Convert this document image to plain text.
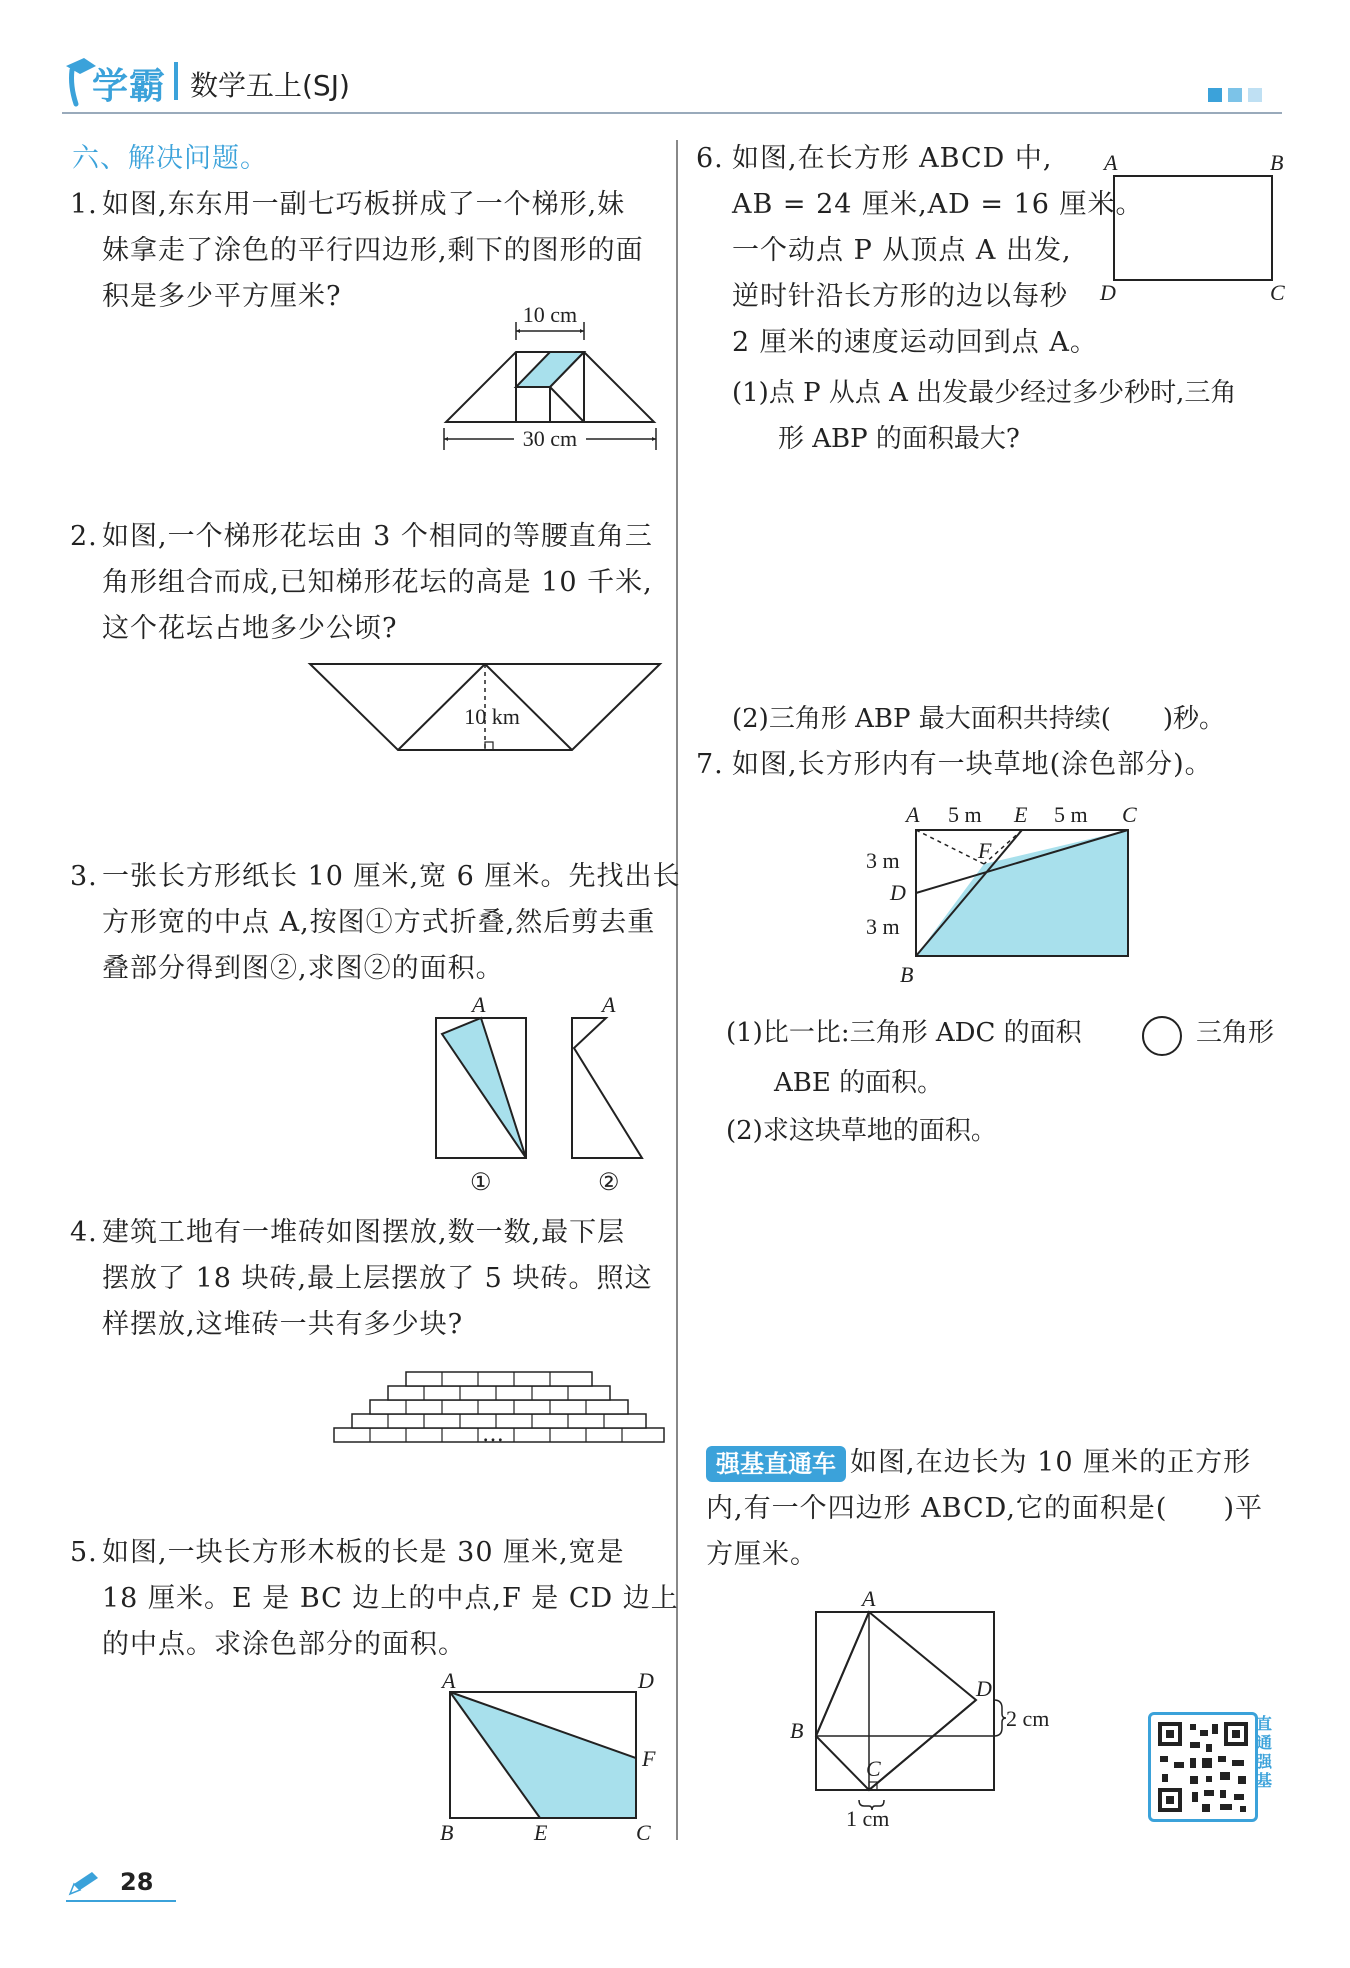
学霸 数学五上(SJ)
六、解决问题。
1. 如图,东东用一副七巧板拼成了一个梯形,妹
妹拿走了涂色的平行四边形,剩下的图形的面
积是多少平方厘米?
10 cm
30 cm
2. 如图,一个梯形花坛由 3 个相同的等腰直角三
角形组合而成,已知梯形花坛的高是 10 千米,
这个花坛占地多少公顷?
10 km
3. 一张长方形纸长 10 厘米,宽 6 厘米。先找出长
方形宽的中点 A,按图①方式折叠,然后剪去重
叠部分得到图②,求图②的面积。
A
①
A
②
4. 建筑工地有一堆砖如图摆放,数一数,最下层
摆放了 18 块砖,最上层摆放了 5 块砖。照这
样摆放,这堆砖一共有多少块?
…
5. 如图,一块长方形木板的长是 30 厘米,宽是
18 厘米。E 是 BC 边上的中点,F 是 CD 边上
的中点。求涂色部分的面积。
A	D
F
B	E	C
6. 如图,在长方形 ABCD 中,
AB = 24 厘米,AD = 16 厘米。
一个动点 P 从顶点 A 出发,
逆时针沿长方形的边以每秒
2 厘米的速度运动回到点 A。
A	B
D	C
(1)点 P 从点 A 出发最少经过多少秒时,三角
形 ABP 的面积最大?
(2)三角形 ABP 最大面积共持续(　　)秒。
7. 如图,长方形内有一块草地(涂色部分)。
A 5 m E 5 m C
F
3 m
D
3 m
B
(1)比一比:三角形 ADC 的面积	三角形
ABE 的面积。
(2)求这块草地的面积。
强基直通车 如图,在边长为 10 厘米的正方形
内,有一个四边形 ABCD,它的面积是(　　)平
方厘米。
A
D
2 cm
B
C
1 cm
直通强基
28
